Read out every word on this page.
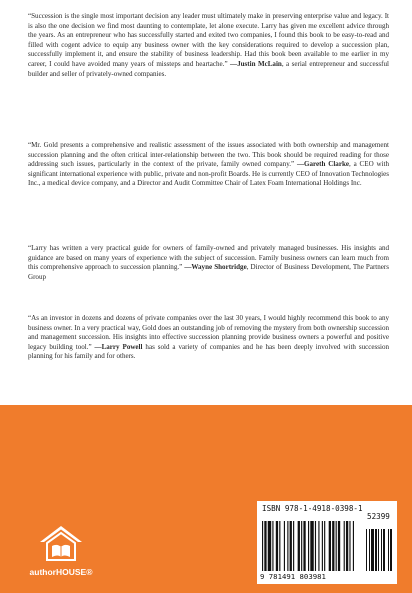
“Succession is the single most important decision any leader must ultimately make in preserving enterprise value and legacy. It is also the one decision we find most daunting to contemplate, let alone execute. Larry has given me excellent advice through the years. As an entrepreneur who has successfully started and exited two companies, I found this book to be easy-to-read and filled with cogent advice to equip any business owner with the key considerations required to develop a succession plan, successfully implement it, and ensure the stability of business leadership. Had this book been available to me earlier in my career, I could have avoided many years of missteps and heartache.” —Justin McLain, a serial entrepreneur and successful builder and seller of privately-owned companies.

“Mr. Gold presents a comprehensive and realistic assessment of the issues associated with both ownership and management succession planning and the often critical inter-relationship between the two. This book should be required reading for those addressing such issues, particularly in the context of the private, family owned company.” —Gareth Clarke, a CEO with significant international experience with public, private and non-profit Boards. He is currently CEO of Innovation Technologies Inc., a medical device company, and a Director and Audit Committee Chair of Latex Foam International Holdings Inc.

“Larry has written a very practical guide for owners of family-owned and privately managed businesses. His insights and guidance are based on many years of experience with the subject of succession. Family business owners can learn much from this comprehensive approach to succession planning.” —Wayne Shortridge, Director of Business Development, The Partners Group

“As an investor in dozens and dozens of private companies over the last 30 years, I would highly recommend this book to any business owner. In a very practical way, Gold does an outstanding job of removing the mystery from both ownership succession and management succession. His insights into effective succession planning provide business owners a powerful and positive legacy building tool.” —Larry Powell has sold a variety of companies and he has been deeply involved with succession planning for his family and for others.

authorHOUSE®
ISBN 978-1-4918-0398-1
52399
9 781491 803981
